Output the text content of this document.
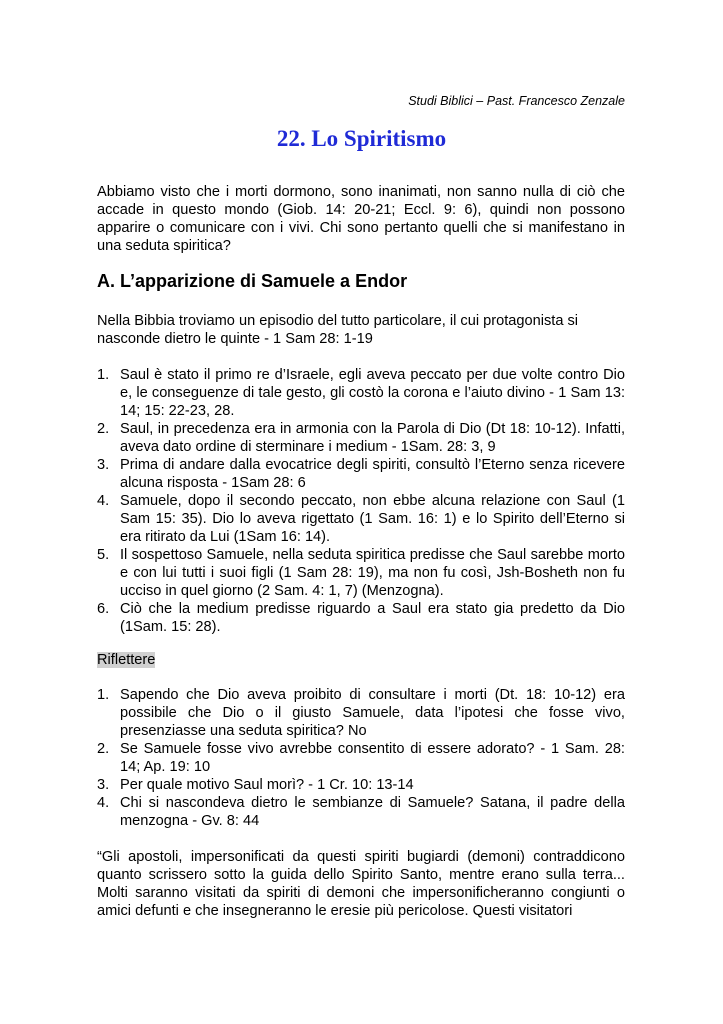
Studi Biblici – Past. Francesco Zenzale
22. Lo Spiritismo
Abbiamo visto che i morti dormono, sono inanimati, non sanno nulla di ciò che accade in questo mondo (Giob. 14: 20-21; Eccl. 9: 6), quindi non possono apparire o comunicare con i vivi. Chi sono pertanto quelli che si manifestano in una seduta spiritica?
A. L’apparizione di Samuele a Endor
Nella Bibbia troviamo un episodio del tutto particolare, il cui protagonista si nasconde dietro le quinte - 1 Sam 28: 1-19
1. Saul è stato il primo re d’Israele, egli aveva peccato per due volte contro Dio e, le conseguenze di tale gesto, gli costò la corona e l’aiuto divino - 1 Sam 13: 14; 15: 22-23, 28.
2. Saul, in precedenza era in armonia con la Parola di Dio (Dt 18: 10-12). Infatti, aveva dato ordine di sterminare i medium - 1Sam. 28: 3, 9
3. Prima di andare dalla evocatrice degli spiriti, consultò l’Eterno senza ricevere alcuna risposta - 1Sam 28: 6
4. Samuele, dopo il secondo peccato, non ebbe alcuna relazione con Saul (1 Sam 15: 35). Dio lo aveva rigettato (1 Sam. 16: 1) e lo Spirito dell’Eterno si era ritirato da Lui (1Sam 16: 14).
5. Il sospettoso Samuele, nella seduta spiritica predisse che Saul sarebbe morto e con lui tutti i suoi figli (1 Sam 28: 19), ma non fu così, Jsh-Bosheth non fu ucciso in quel giorno (2 Sam. 4: 1, 7) (Menzogna).
6. Ciò che la medium predisse riguardo a Saul era stato gia predetto da Dio (1Sam. 15: 28).
Riflettere
1. Sapendo che Dio aveva proibito di consultare i morti (Dt. 18: 10-12) era possibile che Dio o il giusto Samuele, data l’ipotesi che fosse vivo, presenziasse una seduta spiritica? No
2. Se Samuele fosse vivo avrebbe consentito di essere adorato? - 1 Sam. 28: 14; Ap. 19: 10
3. Per quale motivo Saul morì? - 1 Cr. 10: 13-14
4. Chi si nascondeva dietro le sembianze di Samuele? Satana, il padre della menzogna - Gv. 8: 44
“Gli apostoli, impersonificati da questi spiriti bugiardi (demoni) contraddicono quanto scrissero sotto la guida dello Spirito Santo, mentre erano sulla terra... Molti saranno visitati da spiriti di demoni che impersonificheranno congiunti o amici defunti e che insegneranno le eresie più pericolose. Questi visitatori
